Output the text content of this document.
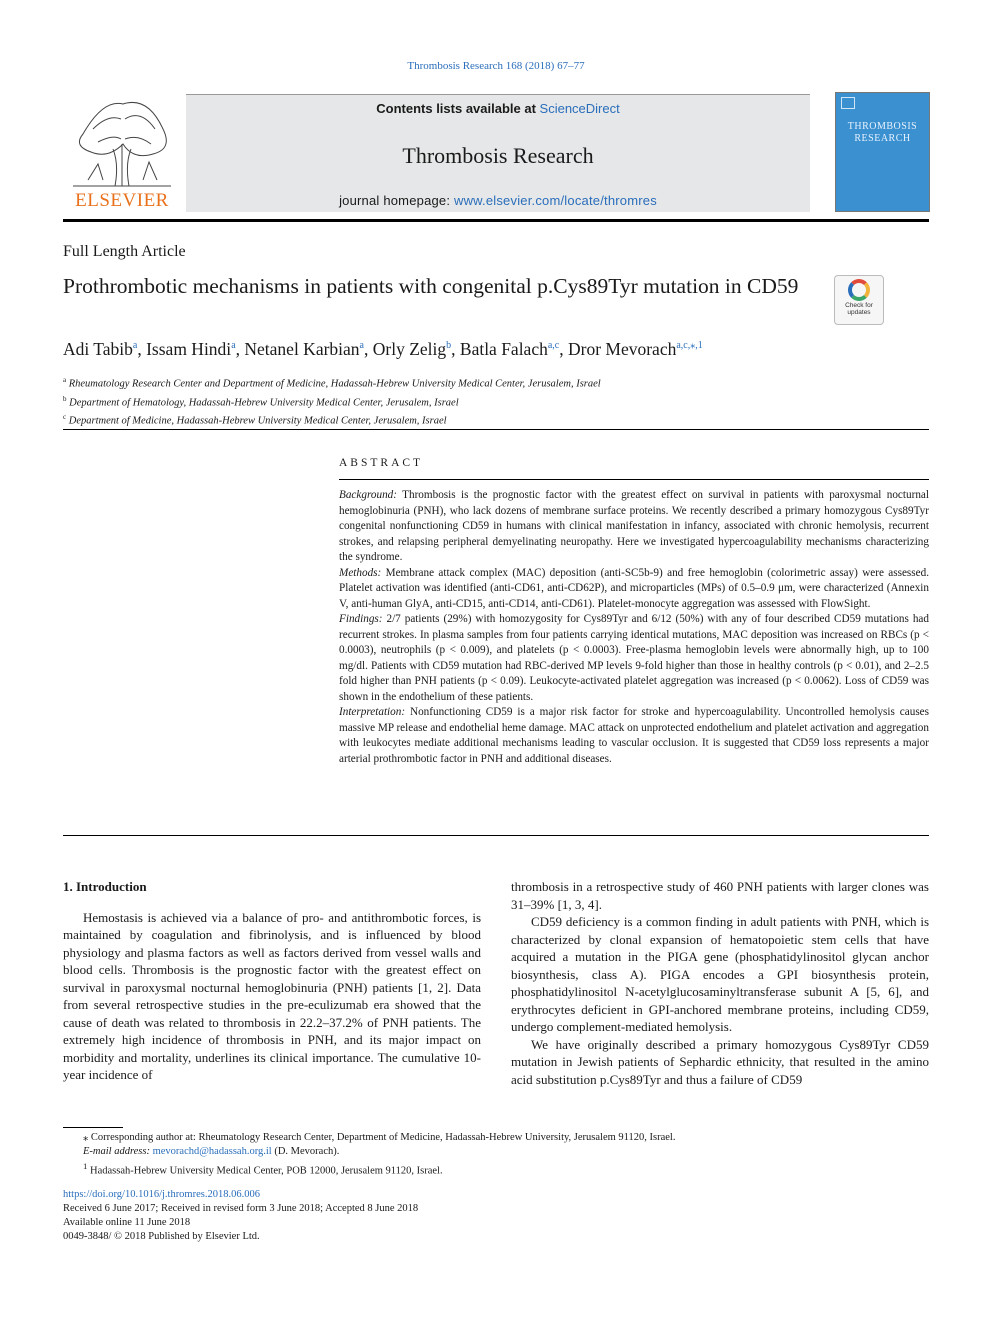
Thrombosis Research 168 (2018) 67–77
ELSEVIER
Contents lists available at ScienceDirect
Thrombosis Research
journal homepage: www.elsevier.com/locate/thromres
THROMBOSIS RESEARCH
Full Length Article
Prothrombotic mechanisms in patients with congenital p.Cys89Tyr mutation in CD59
Check for updates
Adi Tabib$^a$, Issam Hindi$^a$, Netanel Karbian$^a$, Orly Zelig$^b$, Batla Falach$^{a,c}$, Dror Mevorach$^{a,c,⁎,1}$
$^a$ Rheumatology Research Center and Department of Medicine, Hadassah-Hebrew University Medical Center, Jerusalem, Israel
$^b$ Department of Hematology, Hadassah-Hebrew University Medical Center, Jerusalem, Israel
$^c$ Department of Medicine, Hadassah-Hebrew University Medical Center, Jerusalem, Israel
ABSTRACT

Background: Thrombosis is the prognostic factor with the greatest effect on survival in patients with paroxysmal nocturnal hemoglobinuria (PNH), who lack dozens of membrane surface proteins. We recently described a primary homozygous Cys89Tyr congenital nonfunctioning CD59 in humans with clinical manifestation in infancy, associated with chronic hemolysis, recurrent strokes, and relapsing peripheral demyelinating neuropathy. Here we investigated hypercoagulability mechanisms characterizing the syndrome.

Methods: Membrane attack complex (MAC) deposition (anti-SC5b-9) and free hemoglobin (colorimetric assay) were assessed. Platelet activation was identified (anti-CD61, anti-CD62P), and microparticles (MPs) of 0.5–0.9 μm, were characterized (Annexin V, anti-human GlyA, anti-CD15, anti-CD14, anti-CD61). Platelet-monocyte aggregation was assessed with FlowSight.

Findings: 2/7 patients (29%) with homozygosity for Cys89Tyr and 6/12 (50%) with any of four described CD59 mutations had recurrent strokes. In plasma samples from four patients carrying identical mutations, MAC deposition was increased on RBCs (p < 0.0003), neutrophils (p < 0.009), and platelets (p < 0.0003). Free-plasma hemoglobin levels were abnormally high, up to 100 mg/dl. Patients with CD59 mutation had RBC-derived MP levels 9-fold higher than those in healthy controls (p < 0.01), and 2–2.5 fold higher than PNH patients (p < 0.09). Leukocyte-activated platelet aggregation was increased (p < 0.0062). Loss of CD59 was shown in the endothelium of these patients.

Interpretation: Nonfunctioning CD59 is a major risk factor for stroke and hypercoagulability. Uncontrolled hemolysis causes massive MP release and endothelial heme damage. MAC attack on unprotected endothelium and platelet activation and aggregation with leukocytes mediate additional mechanisms leading to vascular occlusion. It is suggested that CD59 loss represents a major arterial prothrombotic factor in PNH and additional diseases.

1. Introduction

Hemostasis is achieved via a balance of pro- and antithrombotic forces, is maintained by coagulation and fibrinolysis, and is influenced by blood physiology and plasma factors as well as factors derived from vessel walls and blood cells. Thrombosis is the prognostic factor with the greatest effect on survival in paroxysmal nocturnal hemoglobinuria (PNH) patients [1, 2]. Data from several retrospective studies in the pre-eculizumab era showed that the cause of death was related to thrombosis in 22.2–37.2% of PNH patients. The extremely high incidence of thrombosis in PNH, and its major impact on morbidity and mortality, underlines its clinical importance. The cumulative 10-year incidence of

thrombosis in a retrospective study of 460 PNH patients with larger clones was 31–39% [1, 3, 4].

CD59 deficiency is a common finding in adult patients with PNH, which is characterized by clonal expansion of hematopoietic stem cells that have acquired a mutation in the PIGA gene (phosphatidylinositol glycan anchor biosynthesis, class A). PIGA encodes a GPI biosynthesis protein, phosphatidylinositol N-acetylglucosaminyltransferase subunit A [5, 6], and erythrocytes deficient in GPI-anchored membrane proteins, including CD59, undergo complement-mediated hemolysis.

We have originally described a primary homozygous Cys89Tyr CD59 mutation in Jewish patients of Sephardic ethnicity, that resulted in the amino acid substitution p.Cys89Tyr and thus a failure of CD59

⁎ Corresponding author at: Rheumatology Research Center, Department of Medicine, Hadassah-Hebrew University, Jerusalem 91120, Israel.

E-mail address: mevorachd@hadassah.org.il (D. Mevorach).

$^1$ Hadassah-Hebrew University Medical Center, POB 12000, Jerusalem 91120, Israel.

https://doi.org/10.1016/j.thromres.2018.06.006

Received 6 June 2017; Received in revised form 3 June 2018; Accepted 8 June 2018

Available online 11 June 2018

0049-3848/ © 2018 Published by Elsevier Ltd.
